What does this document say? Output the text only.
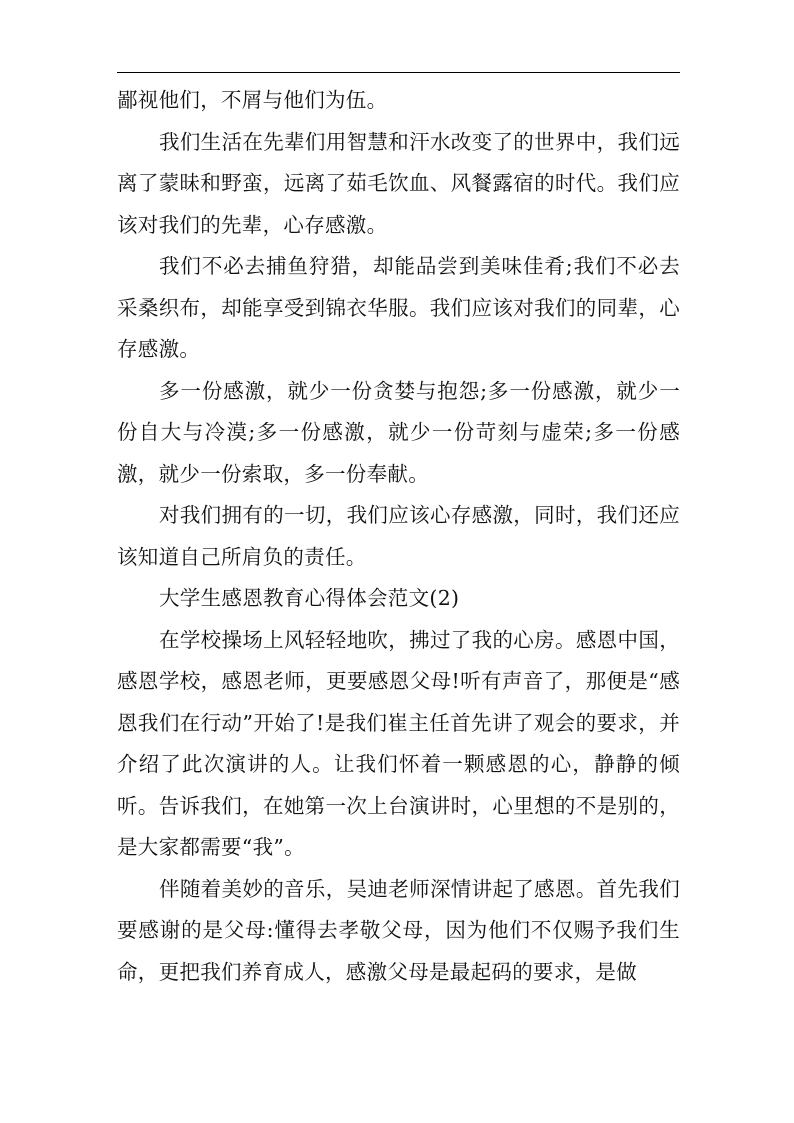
鄙视他们，不屑与他们为伍。

我们生活在先辈们用智慧和汗水改变了的世界中，我们远离了蒙昧和野蛮，远离了茹毛饮血、风餐露宿的时代。我们应该对我们的先辈，心存感激。

我们不必去捕鱼狩猎，却能品尝到美味佳肴;我们不必去采桑织布，却能享受到锦衣华服。我们应该对我们的同辈，心存感激。

多一份感激，就少一份贪婪与抱怨;多一份感激，就少一份自大与冷漠;多一份感激，就少一份苛刻与虚荣;多一份感激，就少一份索取，多一份奉献。

对我们拥有的一切，我们应该心存感激，同时，我们还应该知道自己所肩负的责任。

大学生感恩教育心得体会范文(2)

在学校操场上风轻轻地吹，拂过了我的心房。感恩中国，感恩学校，感恩老师，更要感恩父母!听有声音了，那便是“感恩我们在行动”开始了!是我们崔主任首先讲了观会的要求，并介绍了此次演讲的人。让我们怀着一颗感恩的心，静静的倾听。告诉我们，在她第一次上台演讲时，心里想的不是别的，是大家都需要“我”。

伴随着美妙的音乐，吴迪老师深情讲起了感恩。首先我们要感谢的是父母:懂得去孝敬父母，因为他们不仅赐予我们生命，更把我们养育成人，感激父母是最起码的要求，是做
